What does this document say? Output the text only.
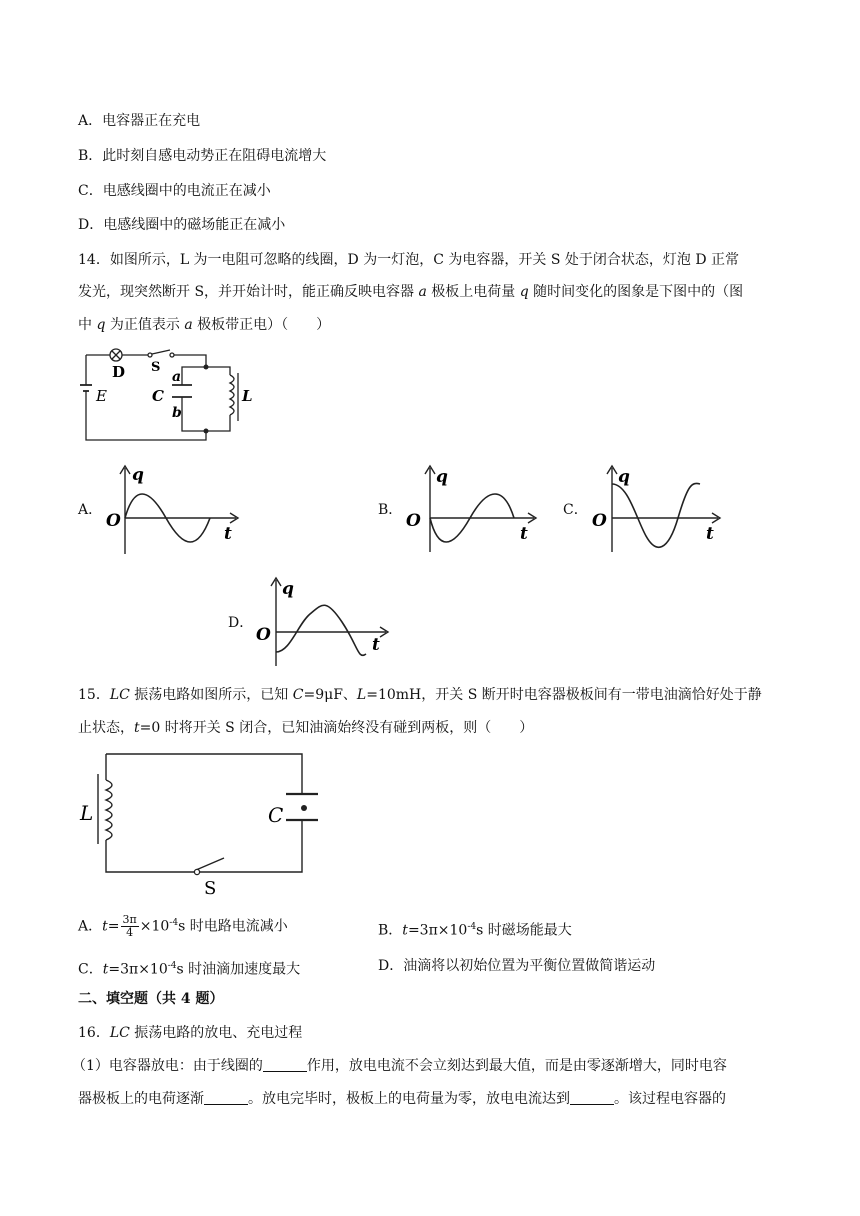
A．电容器正在充电
B．此时刻自感电动势正在阻碍电流增大
C．电感线圈中的电流正在减小
D．电感线圈中的磁场能正在减小
14．如图所示，L 为一电阻可忽略的线圈，D 为一灯泡，C 为电容器，开关 S 处于闭合状态，灯泡 D 正常
发光，现突然断开 S，并开始计时，能正确反映电容器 a 极板上电荷量 q 随时间变化的图象是下图中的（图
中 q 为正值表示 a 极板带正电）（　　）
D S
E	C
a
b
L
A．	B．	C．
D．
q
O
t
q
O
t
q
O
t
q
O	t
15．LC 振荡电路如图所示，已知 C=9μF、L=10mH，开关 S 断开时电容器极板间有一带电油滴恰好处于静
止状态，t=0 时将开关 S 闭合，已知油滴始终没有碰到两板，则（　　）
L	C
S
A．$t= \frac{3\pi}{4} \times 10^{-4}s$ 时电路电流减小	B．$t=3\pi\times 10^{-4}s$ 时磁场能最大
C．$t=3\pi\times 10^{-4}s$ 时油滴加速度最大	D．油滴将以初始位置为平衡位置做简谐运动
二、填空题（共 4 题）
16．LC 振荡电路的放电、充电过程
（1）电容器放电：由于线圈的	作用，放电电流不会立刻达到最大值，而是由零逐渐增大，同时电容
器极板上的电荷逐渐	。放电完毕时，极板上的电荷量为零，放电电流达到	。该过程电容器的
